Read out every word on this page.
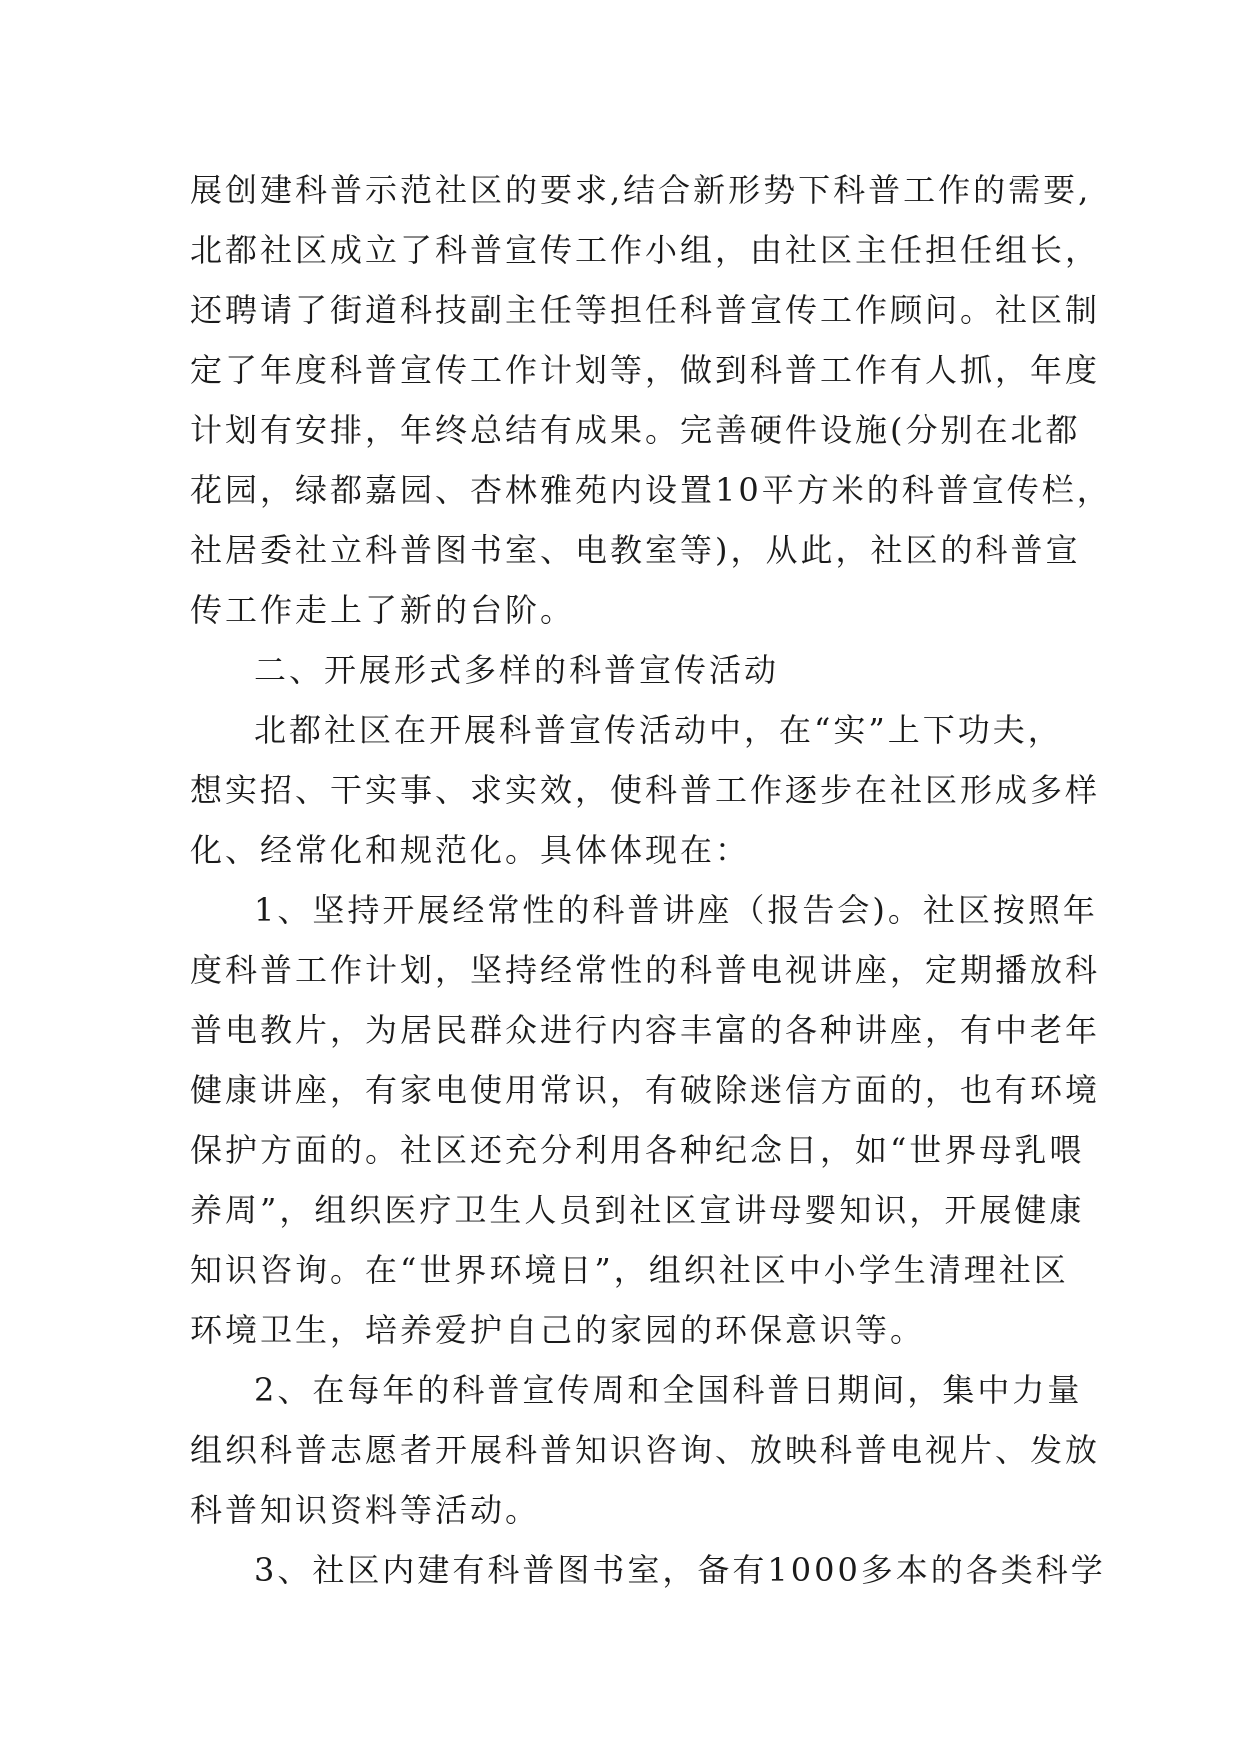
展创建科普示范社区的要求,结合新形势下科普工作的需要,
北都社区成立了科普宣传工作小组，由社区主任担任组长，
还聘请了街道科技副主任等担任科普宣传工作顾问。社区制
定了年度科普宣传工作计划等，做到科普工作有人抓，年度
计划有安排，年终总结有成果。完善硬件设施(分别在北都
花园，绿都嘉园、杏林雅苑内设置10平方米的科普宣传栏，
社居委社立科普图书室、电教室等)，从此，社区的科普宣
传工作走上了新的台阶。
二、开展形式多样的科普宣传活动
北都社区在开展科普宣传活动中，在“实”上下功夫，
想实招、干实事、求实效，使科普工作逐步在社区形成多样
化、经常化和规范化。具体体现在：
1、坚持开展经常性的科普讲座（报告会)。社区按照年
度科普工作计划，坚持经常性的科普电视讲座，定期播放科
普电教片，为居民群众进行内容丰富的各种讲座，有中老年
健康讲座，有家电使用常识，有破除迷信方面的，也有环境
保护方面的。社区还充分利用各种纪念日，如“世界母乳喂
养周”，组织医疗卫生人员到社区宣讲母婴知识，开展健康
知识咨询。在“世界环境日”，组织社区中小学生清理社区
环境卫生，培养爱护自己的家园的环保意识等。
2、在每年的科普宣传周和全国科普日期间，集中力量
组织科普志愿者开展科普知识咨询、放映科普电视片、发放
科普知识资料等活动。
3、社区内建有科普图书室，备有1000多本的各类科学
